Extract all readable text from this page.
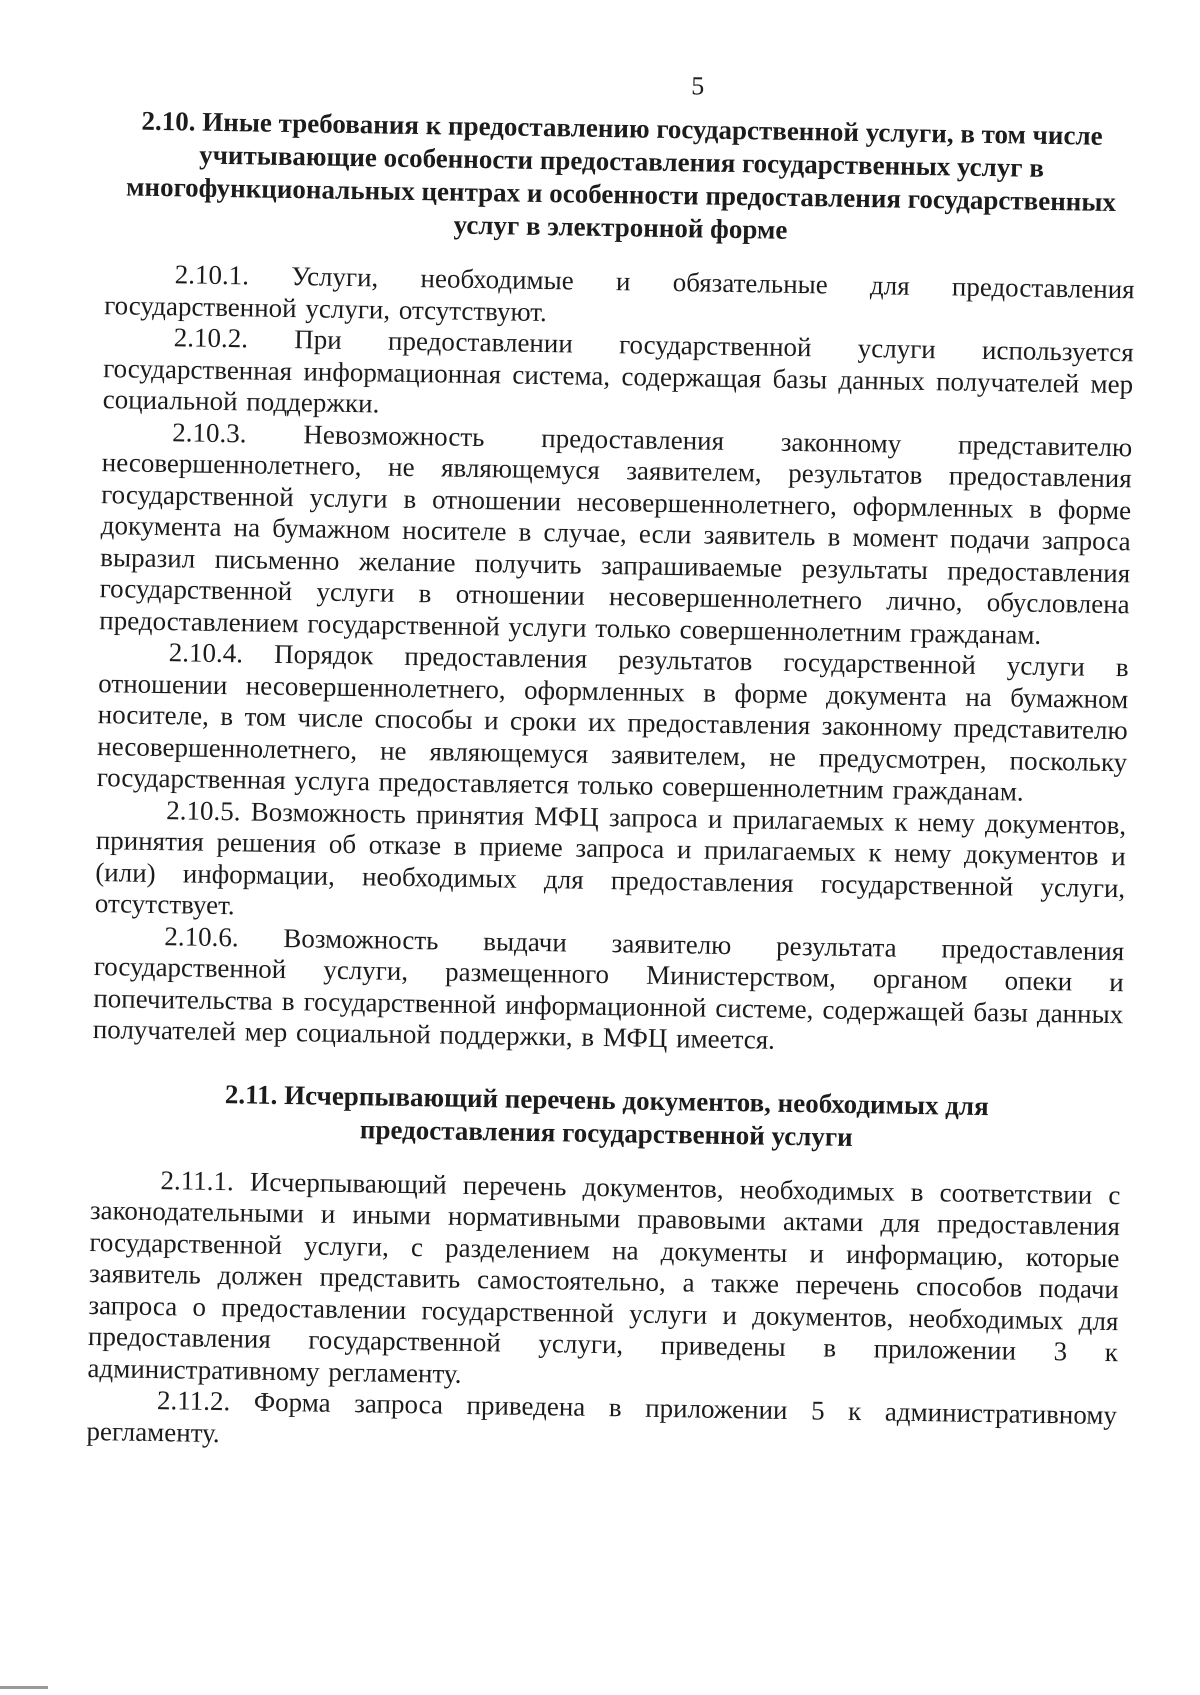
5
2.10. Иные требования к предоставлению государственной услуги, в том числе учитывающие особенности предоставления государственных услуг в многофункциональных центрах и особенности предоставления государственных услуг в электронной форме

2.10.1. Услуги, необходимые и обязательные для предоставления государственной услуги, отсутствуют.

2.10.2. При предоставлении государственной услуги используется государственная информационная система, содержащая базы данных получателей мер социальной поддержки.

2.10.3. Невозможность предоставления законному представителю несовершеннолетнего, не являющемуся заявителем, результатов предоставления государственной услуги в отношении несовершеннолетнего, оформленных в форме документа на бумажном носителе в случае, если заявитель в момент подачи запроса выразил письменно желание получить запрашиваемые результаты предоставления государственной услуги в отношении несовершеннолетнего лично, обусловлена предоставлением государственной услуги только совершеннолетним гражданам.

2.10.4. Порядок предоставления результатов государственной услуги в отношении несовершеннолетнего, оформленных в форме документа на бумажном носителе, в том числе способы и сроки их предоставления законному представителю несовершеннолетнего, не являющемуся заявителем, не предусмотрен, поскольку государственная услуга предоставляется только совершеннолетним гражданам.

2.10.5. Возможность принятия МФЦ запроса и прилагаемых к нему документов, принятия решения об отказе в приеме запроса и прилагаемых к нему документов и (или) информации, необходимых для предоставления государственной услуги, отсутствует.

2.10.6. Возможность выдачи заявителю результата предоставления государственной услуги, размещенного Министерством, органом опеки и попечительства в государственной информационной системе, содержащей базы данных получателей мер социальной поддержки, в МФЦ имеется.

2.11. Исчерпывающий перечень документов, необходимых для предоставления государственной услуги

2.11.1. Исчерпывающий перечень документов, необходимых в соответствии с законодательными и иными нормативными правовыми актами для предоставления государственной услуги, с разделением на документы и информацию, которые заявитель должен представить самостоятельно, а также перечень способов подачи запроса о предоставлении государственной услуги и документов, необходимых для предоставления государственной услуги, приведены в приложении 3 к административному регламенту.

2.11.2. Форма запроса приведена в приложении 5 к административному регламенту.
